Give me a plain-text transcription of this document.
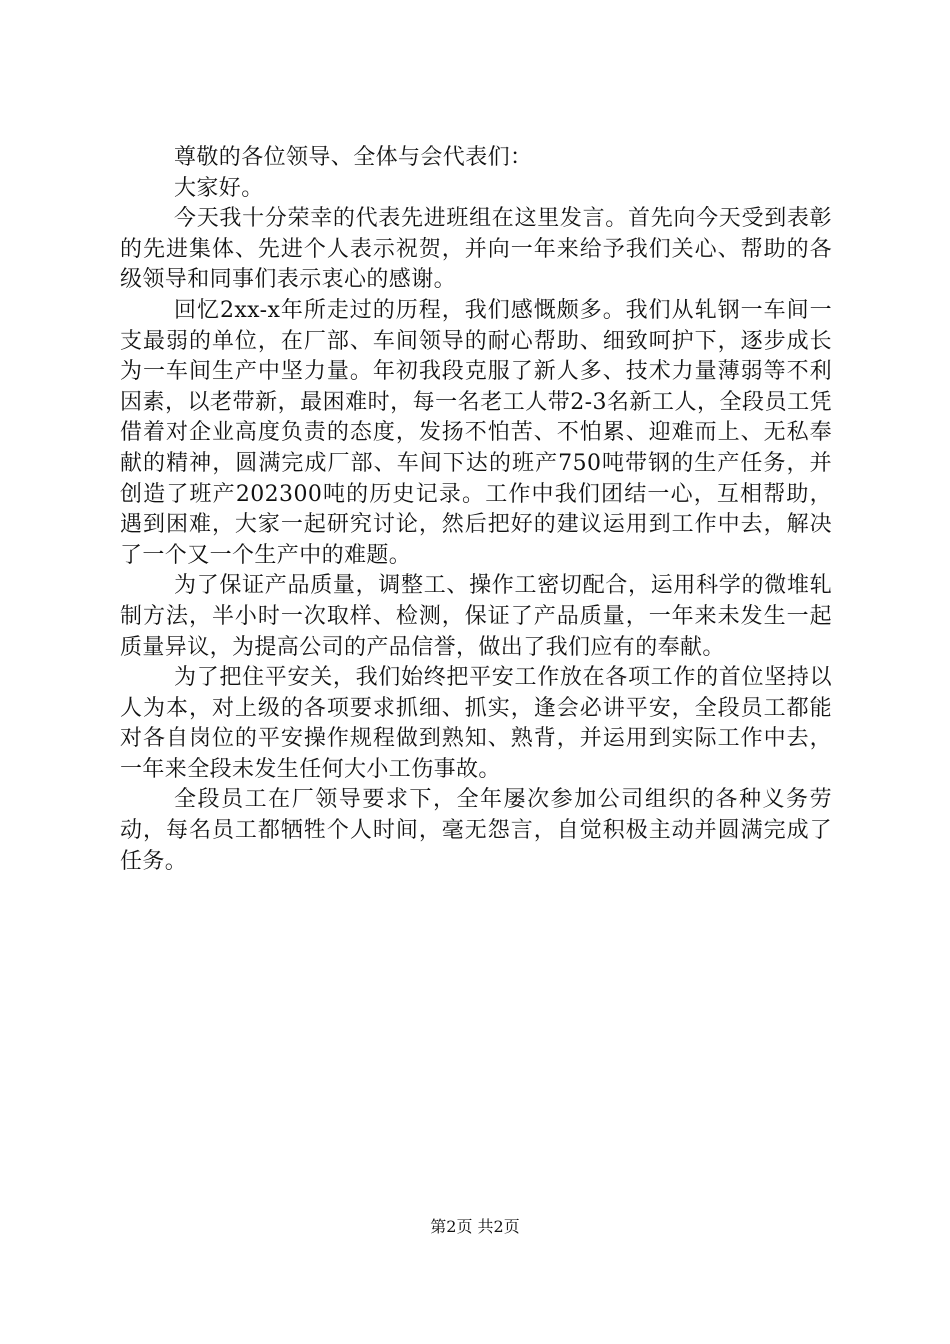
尊敬的各位领导、全体与会代表们：

大家好。

今天我十分荣幸的代表先进班组在这里发言。首先向今天受到表彰的先进集体、先进个人表示祝贺，并向一年来给予我们关心、帮助的各级领导和同事们表示衷心的感谢。

回忆2xx-x年所走过的历程，我们感慨颇多。我们从轧钢一车间一支最弱的单位，在厂部、车间领导的耐心帮助、细致呵护下，逐步成长为一车间生产中坚力量。年初我段克服了新人多、技术力量薄弱等不利因素，以老带新，最困难时，每一名老工人带2-3名新工人，全段员工凭借着对企业高度负责的态度，发扬不怕苦、不怕累、迎难而上、无私奉献的精神，圆满完成厂部、车间下达的班产750吨带钢的生产任务，并创造了班产202300吨的历史记录。工作中我们团结一心，互相帮助，遇到困难，大家一起研究讨论，然后把好的建议运用到工作中去，解决了一个又一个生产中的难题。

为了保证产品质量，调整工、操作工密切配合，运用科学的微堆轧制方法，半小时一次取样、检测，保证了产品质量，一年来未发生一起质量异议，为提高公司的产品信誉，做出了我们应有的奉献。

为了把住平安关，我们始终把平安工作放在各项工作的首位坚持以人为本，对上级的各项要求抓细、抓实，逢会必讲平安，全段员工都能对各自岗位的平安操作规程做到熟知、熟背，并运用到实际工作中去，一年来全段未发生任何大小工伤事故。

全段员工在厂领导要求下，全年屡次参加公司组织的各种义务劳动，每名员工都牺牲个人时间，毫无怨言，自觉积极主动并圆满完成了任务。

第2页 共2页
